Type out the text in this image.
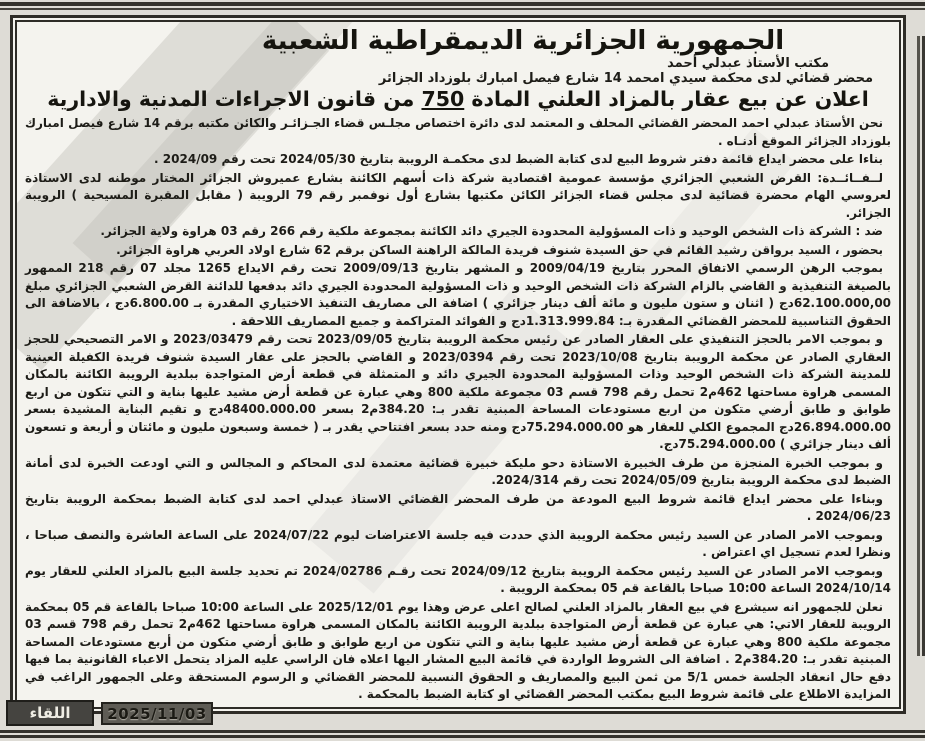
الجمهورية الجزائرية الديمقراطية الشعبية
مكتب الأستاذ عبدلي أحمد
محضر قضائي لدى محكمة سيدي امحمد 14 شارع فيصل امبارك بلوزداد الجزائر
اعلان عن بيع عقار بالمزاد العلني المادة 750 من قانون الاجراءات المدنية والادارية

نحن الأستاذ عبدلي احمد المحضر القضائي المحلف و المعتمد لدى دائرة اختصاص مجلـس قضاء الجـزائـر والكائن مكتبه برقم 14 شارع فيصل امبارك بلوزداد الجزائر الموقع أدنـاه .

بناءا على محضر ايداع قائمة دفتر شروط البيع لدى كتابة الضبط لدى محكمـة الرويبة بتاريخ 2024/05/30 تحت رقم 2024/09 .

لــفــائــدة: القرض الشعبي الجزائري مؤسسة عمومية اقتصادية شركة ذات أسهم الكائنة بشارع عميروش الجزائر المختار موطنه لدى الاستاذة لعروسي الهام محضرة قضائية لدى مجلس قضاء الجزائر الكائن مكتبها بشارع أول نوفمبر رقم 79 الرويبة ( مقابل المقبرة المسيحية ) الرويبة الجزائر.

ضد : الشركة ذات الشخص الوحيد و ذات المسؤولية المحدودة الجيري دائد الكائنة بمجموعة ملكية رقم 266 رقم 03 هراوة ولاية الجزائر.

بحضور ، السيد برواقن رشيد القائم في حق السيدة شنوف فريدة المالكة الراهنة الساكن برقم 62 شارع اولاد العربي هراوة الجزائر.

بموجب الرهن الرسمي الاتفاق المحرر بتاريخ 2009/04/19 و المشهر بتاريخ 2009/09/13 تحت رقم الايداع 1265 مجلد 07 رقم 218 الممهور بالصيغة التنفيذية و القاضي بالزام الشركة ذات الشخص الوحيد و ذات المسؤولية المحدودة الجيري دائد بدفعها للدائنة القرض الشعبي الجزائري مبلغ 62.100.000,00دج ( اثنان و ستون مليون و مائة ألف دينار جزائري ) اضافة الى مصاريف التنفيذ الاختياري المقدرة بـ 6.800.00دج ، بالاضافة الى الحقوق التناسبية للمحضر القضائي المقدرة بـ: 1.313.999.84دج و الفوائد المتراكمة و جميع المصاريف اللاحقة .

و بموجب الامر بالحجز التنفيذي على العقار الصادر عن رئيس محكمة الرويبة بتاريخ 2023/09/05 تحت رقم 2023/03479 و الامر التصحيحي للحجز العقاري الصادر عن محكمة الرويبة بتاريخ 2023/10/08 تحت رقم 2023/0394 و القاضي بالحجز على عقار السيدة شنوف فريدة الكفيلة العينية للمدينة الشركة ذات الشخص الوحيد وذات المسؤولية المحدودة الجيري دائد و المتمثلة في قطعة أرض المتواجدة ببلدية الرويبة الكائنة بالمكان المسمى هراوة مساحتها 462م2 تحمل رقم 798 قسم 03 مجموعة ملكية 800 وهي عبارة عن قطعة أرض مشيد عليها بناية و التي تتكون من اربع طوابق و طابق أرضي متكون من اربع مستودعات المساحة المبنية تقدر بـ: 384.20م2 بسعر 48400.000.00دج و تقيم البناية المشيدة بسعر 26.894.000.00دج المجموع الكلي للعقار هو 75.294.000.00دج ومنه حدد بسعر افتتاحي يقدر بـ ( خمسة وسبعون مليون و مائتان و أربعة و تسعون ألف دينار جزائري ) 75.294.000.00دج.

و بموجب الخبرة المنجزة من طرف الخبيرة الاستاذة دحو مليكة خبيرة قضائية معتمدة لدى المحاكم و المجالس و التي اودعت الخبرة لدى أمانة الضبط لدى محكمة الرويبة بتاريخ 2024/05/09 تحت رقم 2024/314.

وبناءا على محضر ايداع قائمة شروط البيع المودعة من طرف المحضر القضائي الاستاذ عبدلي احمد لدى كتابة الضبط بمحكمة الرويبة بتاريخ 2024/06/23 .

وبموجب الامر الصادر عن السيد رئيس محكمة الرويبة الذي حددت فيه جلسة الاعتراضات ليوم 2024/07/22 على الساعة العاشرة والنصف صباحا ، ونظرا لعدم تسجيل اي اعتراض .

وبموجب الامر الصادر عن السيد رئيس محكمة الرويبة بتاريخ 2024/09/12 تحت رقـم 2024/02786 تم تحديد جلسة البيع بالمزاد العلني للعقار يوم 2024/10/14 الساعة 10:00 صباحا بالقاعة قم 05 بمحكمة الرويبة .

نعلن للجمهور انه سيشرع في بيع العقار بالمزاد العلني لصالح اعلى عرض وهذا يوم 2025/12/01 على الساعة 10:00 صباحا بالقاعة قم 05 بمحكمة الرويبة للعقار الاتي: هي عبارة عن قطعة أرض المتواجدة ببلدية الرويبة الكائنة بالمكان المسمى هراوة مساحتها 462م2 تحمل رقم 798 قسم 03 مجموعة ملكية 800 وهي عبارة عن قطعة أرض مشيد عليها بناية و التي تتكون من اربع طوابق و طابق أرضي متكون من أربع مستودعات المساحة المبنية تقدر بـ: 384.20م2 . اضافة الى الشروط الواردة في قائمة البيع المشار اليها اعلاه فان الراسي عليه المزاد يتحمل الاعباء القانونية بما فيها دفع حال انعقاد الجلسة خمس 5/1 من ثمن البيع والمصاريف و الحقوق النسبية للمحضر القضائي و الرسوم المستحقة وعلى الجمهور الراغب في المزايدة الاطلاع على قائمة شروط البيع بمكتب المحضر القضائي او كتابة الضبط بالمحكمة .

اللقاء	2025/11/03
